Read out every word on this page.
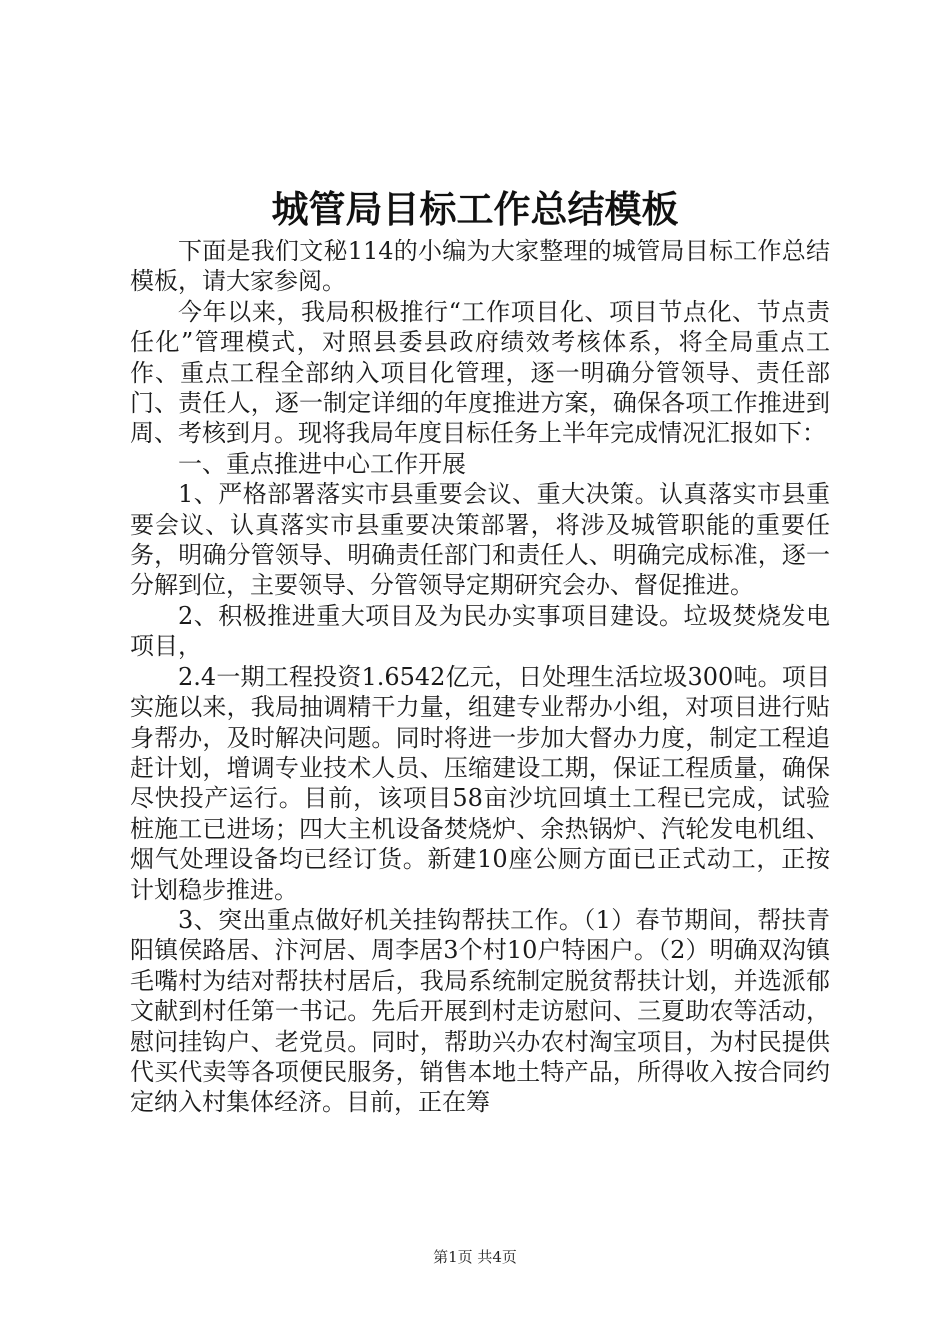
城管局目标工作总结模板

下面是我们文秘114的小编为大家整理的城管局目标工作总结模板，请大家参阅。

今年以来，我局积极推行“工作项目化、项目节点化、节点责任化”管理模式，对照县委县政府绩效考核体系，将全局重点工作、重点工程全部纳入项目化管理，逐一明确分管领导、责任部门、责任人，逐一制定详细的年度推进方案，确保各项工作推进到周、考核到月。现将我局年度目标任务上半年完成情况汇报如下：

一、重点推进中心工作开展

1、严格部署落实市县重要会议、重大决策。认真落实市县重要会议、认真落实市县重要决策部署，将涉及城管职能的重要任务，明确分管领导、明确责任部门和责任人、明确完成标准，逐一分解到位，主要领导、分管领导定期研究会办、督促推进。

2、积极推进重大项目及为民办实事项目建设。垃圾焚烧发电项目，

2.4一期工程投资1.6542亿元，日处理生活垃圾300吨。项目实施以来，我局抽调精干力量，组建专业帮办小组，对项目进行贴身帮办，及时解决问题。同时将进一步加大督办力度，制定工程追赶计划，增调专业技术人员、压缩建设工期，保证工程质量，确保尽快投产运行。目前，该项目58亩沙坑回填土工程已完成，试验桩施工已进场；四大主机设备焚烧炉、余热锅炉、汽轮发电机组、烟气处理设备均已经订货。新建10座公厕方面已正式动工，正按计划稳步推进。

3、突出重点做好机关挂钩帮扶工作。（1）春节期间，帮扶青阳镇侯路居、汴河居、周李居3个村10户特困户。（2）明确双沟镇毛嘴村为结对帮扶村居后，我局系统制定脱贫帮扶计划，并选派郁文献到村任第一书记。先后开展到村走访慰问、三夏助农等活动，慰问挂钩户、老党员。同时，帮助兴办农村淘宝项目，为村民提供代买代卖等各项便民服务，销售本地土特产品，所得收入按合同约定纳入村集体经济。目前，正在筹

第1页 共4页
